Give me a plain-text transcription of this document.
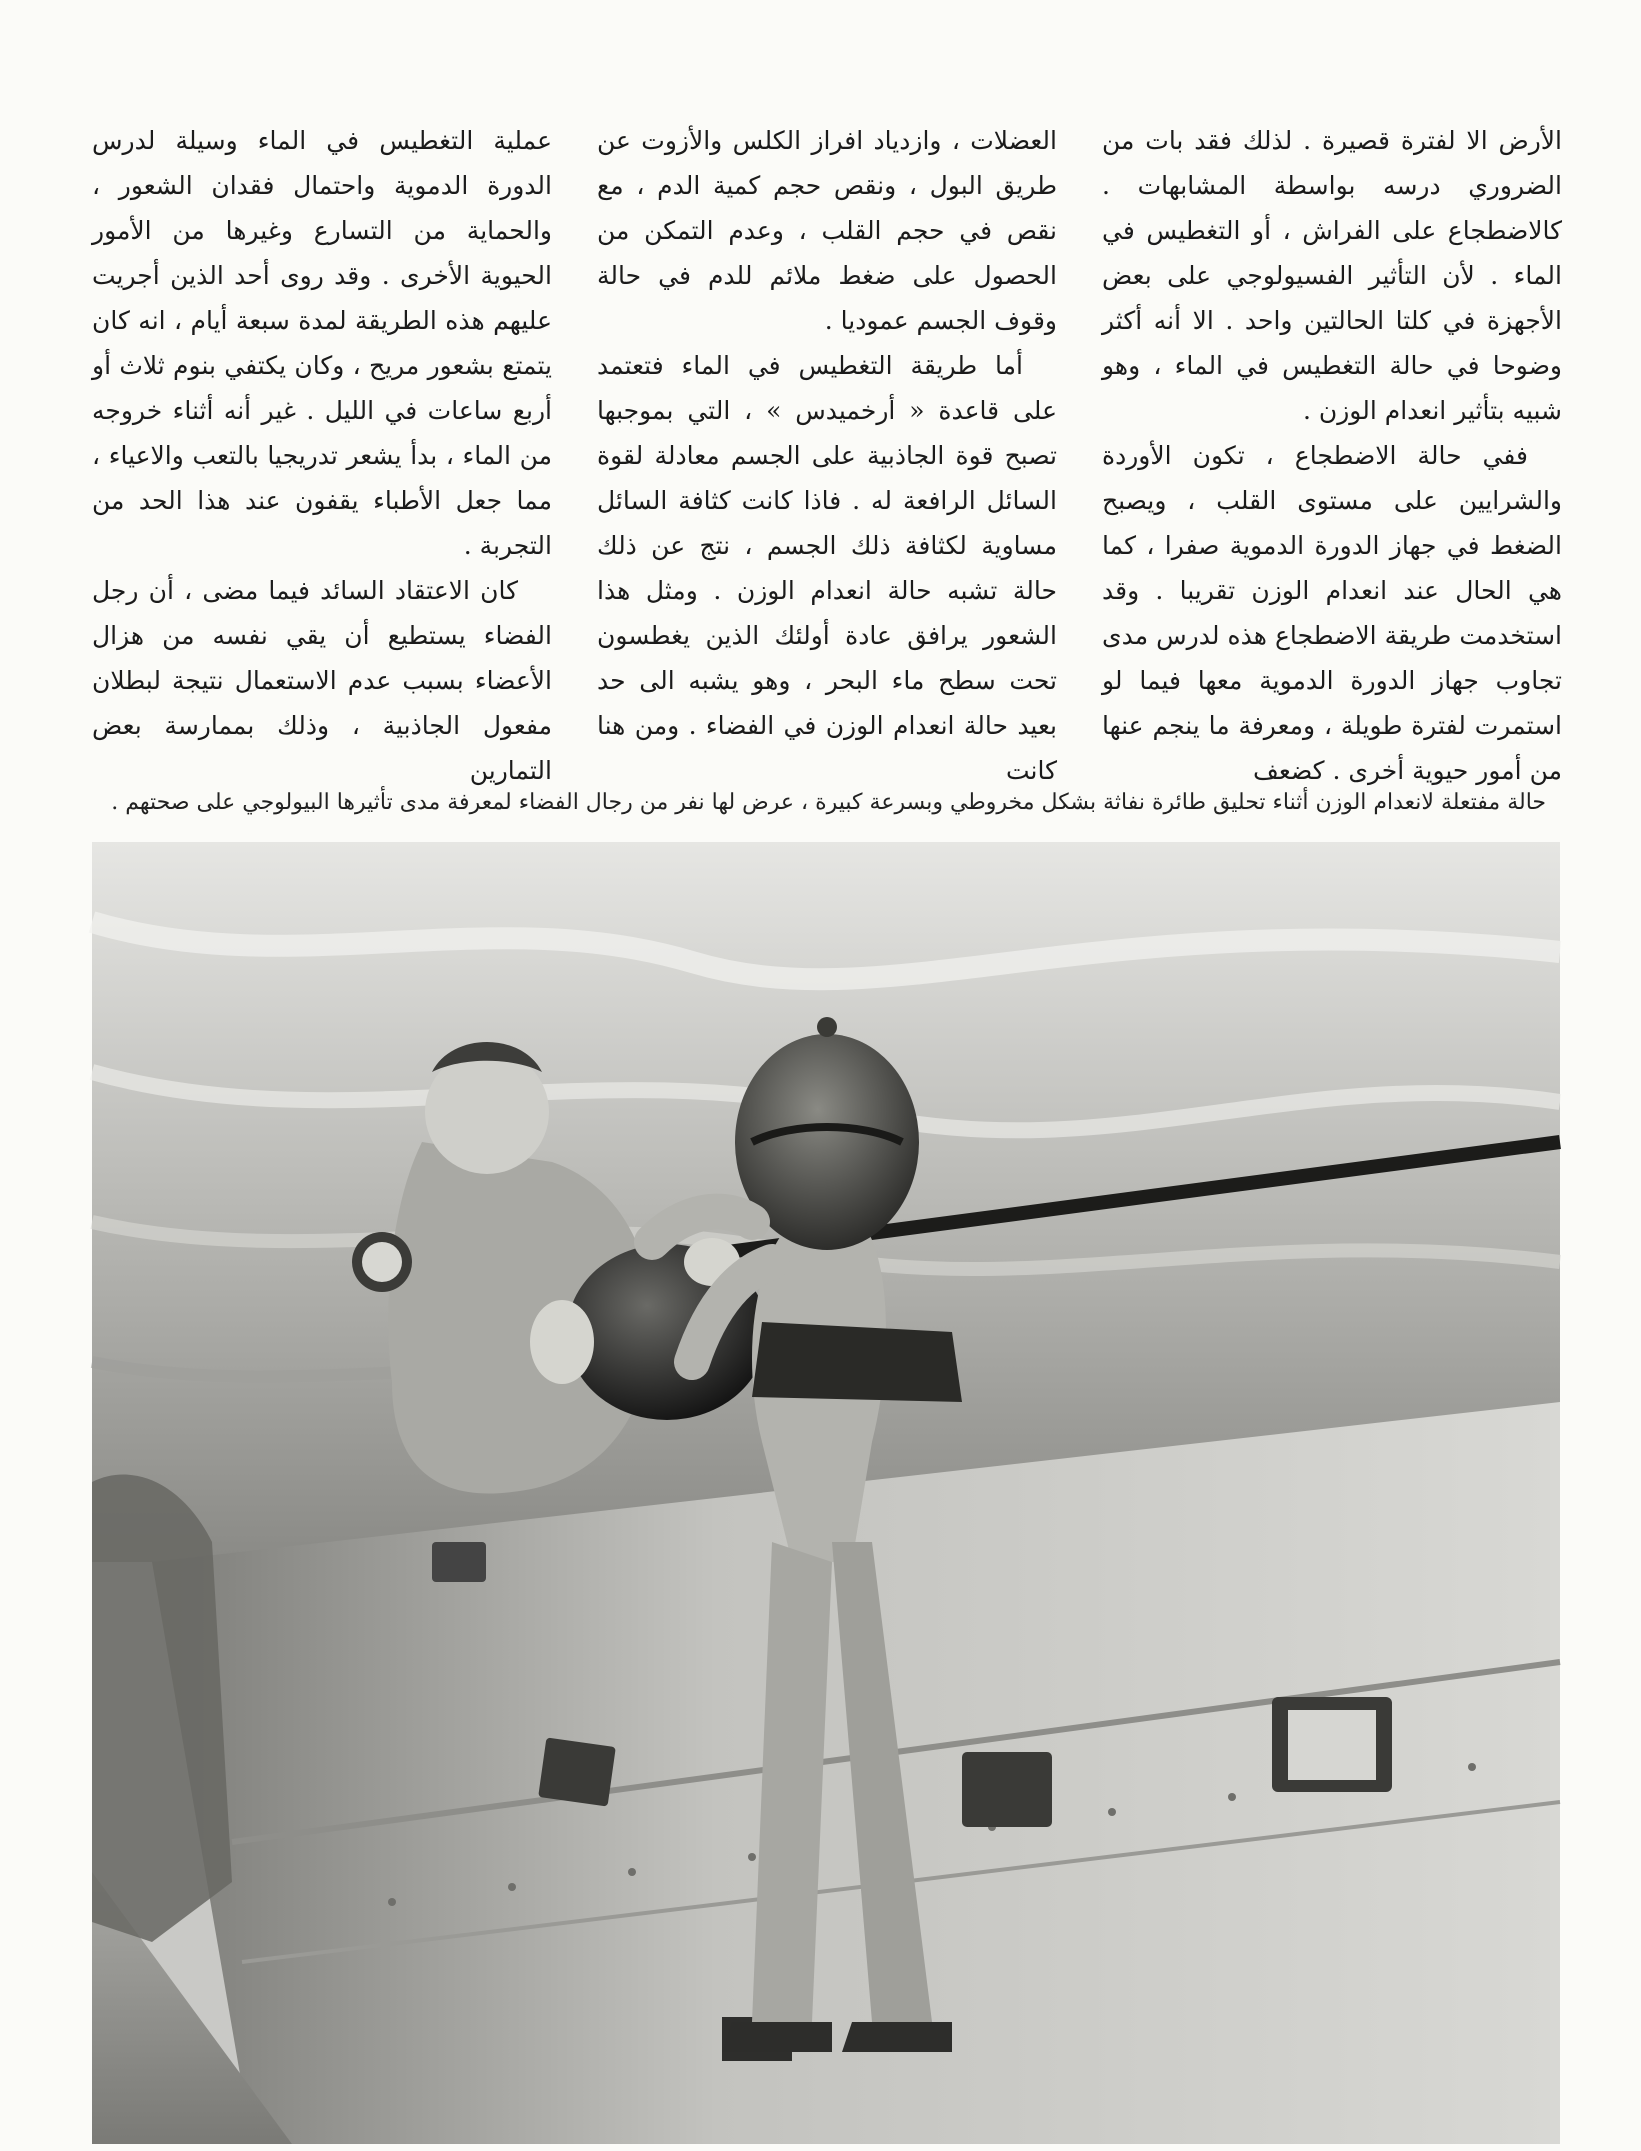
الأرض الا لفترة قصيرة . لذلك فقد بات من الضروري درسه بواسطة المشابهات . كالاضطجاع على الفراش ، أو التغطيس في الماء . لأن التأثير الفسيولوجي على بعض الأجهزة في كلتا الحالتين واحد . الا أنه أكثر وضوحا في حالة التغطيس في الماء ، وهو شبيه بتأثير انعدام الوزن .

ففي حالة الاضطجاع ، تكون الأوردة والشرايين على مستوى القلب ، ويصبح الضغط في جهاز الدورة الدموية صفرا ، كما هي الحال عند انعدام الوزن تقريبا . وقد استخدمت طريقة الاضطجاع هذه لدرس مدى تجاوب جهاز الدورة الدموية معها فيما لو استمرت لفترة طويلة ، ومعرفة ما ينجم عنها من أمور حيوية أخرى . كضعف

العضلات ، وازدياد افراز الكلس والأزوت عن طريق البول ، ونقص حجم كمية الدم ، مع نقص في حجم القلب ، وعدم التمكن من الحصول على ضغط ملائم للدم في حالة وقوف الجسم عموديا .

أما طريقة التغطيس في الماء فتعتمد على قاعدة « أرخميدس » ، التي بموجبها تصبح قوة الجاذبية على الجسم معادلة لقوة السائل الرافعة له . فاذا كانت كثافة السائل مساوية لكثافة ذلك الجسم ، نتج عن ذلك حالة تشبه حالة انعدام الوزن . ومثل هذا الشعور يرافق عادة أولئك الذين يغطسون تحت سطح ماء البحر ، وهو يشبه الى حد بعيد حالة انعدام الوزن في الفضاء . ومن هنا كانت

عملية التغطيس في الماء وسيلة لدرس الدورة الدموية واحتمال فقدان الشعور ، والحماية من التسارع وغيرها من الأمور الحيوية الأخرى . وقد روى أحد الذين أجريت عليهم هذه الطريقة لمدة سبعة أيام ، انه كان يتمتع بشعور مريح ، وكان يكتفي بنوم ثلاث أو أربع ساعات في الليل . غير أنه أثناء خروجه من الماء ، بدأ يشعر تدريجيا بالتعب والاعياء ، مما جعل الأطباء يقفون عند هذا الحد من التجربة .

كان الاعتقاد السائد فيما مضى ، أن رجل الفضاء يستطيع أن يقي نفسه من هزال الأعضاء بسبب عدم الاستعمال نتيجة لبطلان مفعول الجاذبية ، وذلك بممارسة بعض التمارين

حالة مفتعلة لانعدام الوزن أثناء تحليق طائرة نفاثة بشكل مخروطي وبسرعة كبيرة ، عرض لها نفر من رجال الفضاء لمعرفة مدى تأثيرها البيولوجي على صحتهم .
